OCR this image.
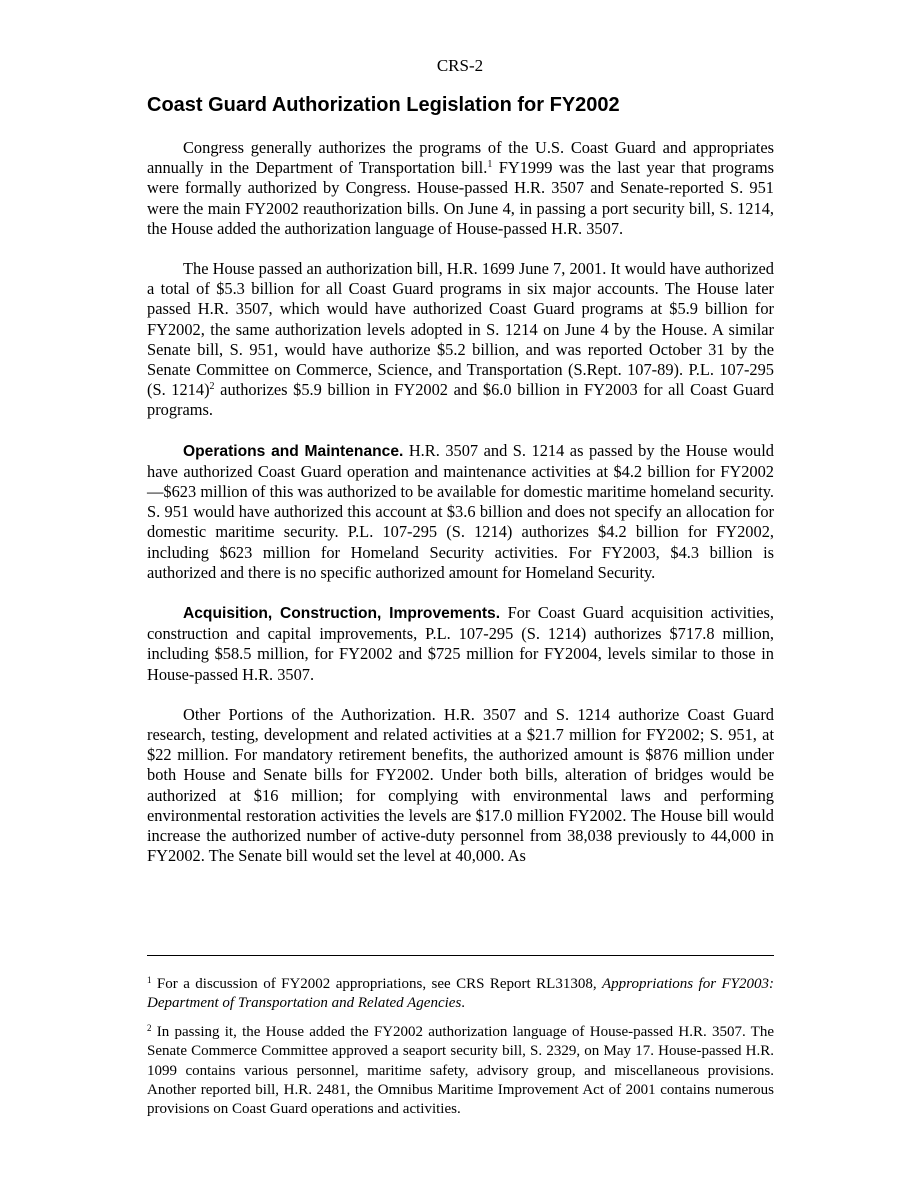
CRS-2
Coast Guard Authorization Legislation for FY2002

Congress generally authorizes the programs of the U.S. Coast Guard and appropriates annually in the Department of Transportation bill.$^1$ FY1999 was the last year that programs were formally authorized by Congress. House-passed H.R. 3507 and Senate-reported S. 951 were the main FY2002 reauthorization bills. On June 4, in passing a port security bill, S. 1214, the House added the authorization language of House-passed H.R. 3507.

The House passed an authorization bill, H.R. 1699 June 7, 2001. It would have authorized a total of $5.3 billion for all Coast Guard programs in six major accounts. The House later passed H.R. 3507, which would have authorized Coast Guard programs at $5.9 billion for FY2002, the same authorization levels adopted in S. 1214 on June 4 by the House. A similar Senate bill, S. 951, would have authorize $5.2 billion, and was reported October 31 by the Senate Committee on Commerce, Science, and Transportation (S.Rept. 107-89). P.L. 107-295 (S. 1214)$^2$ authorizes $5.9 billion in FY2002 and $6.0 billion in FY2003 for all Coast Guard programs.

Operations and Maintenance. H.R. 3507 and S. 1214 as passed by the House would have authorized Coast Guard operation and maintenance activities at $4.2 billion for FY2002—$623 million of this was authorized to be available for domestic maritime homeland security. S. 951 would have authorized this account at $3.6 billion and does not specify an allocation for domestic maritime security. P.L. 107-295 (S. 1214) authorizes $4.2 billion for FY2002, including $623 million for Homeland Security activities. For FY2003, $4.3 billion is authorized and there is no specific authorized amount for Homeland Security.

Acquisition, Construction, Improvements. For Coast Guard acquisition activities, construction and capital improvements, P.L. 107-295 (S. 1214) authorizes $717.8 million, including $58.5 million, for FY2002 and $725 million for FY2004, levels similar to those in House-passed H.R. 3507.

Other Portions of the Authorization. H.R. 3507 and S. 1214 authorize Coast Guard research, testing, development and related activities at a $21.7 million for FY2002; S. 951, at $22 million. For mandatory retirement benefits, the authorized amount is $876 million under both House and Senate bills for FY2002. Under both bills, alteration of bridges would be authorized at $16 million; for complying with environmental laws and performing environmental restoration activities the levels are $17.0 million FY2002. The House bill would increase the authorized number of active-duty personnel from 38,038 previously to 44,000 in FY2002. The Senate bill would set the level at 40,000. As

$^1$ For a discussion of FY2002 appropriations, see CRS Report RL31308, Appropriations for FY2003: Department of Transportation and Related Agencies.

$^2$ In passing it, the House added the FY2002 authorization language of House-passed H.R. 3507. The Senate Commerce Committee approved a seaport security bill, S. 2329, on May 17. House-passed H.R. 1099 contains various personnel, maritime safety, advisory group, and miscellaneous provisions. Another reported bill, H.R. 2481, the Omnibus Maritime Improvement Act of 2001 contains numerous provisions on Coast Guard operations and activities.
